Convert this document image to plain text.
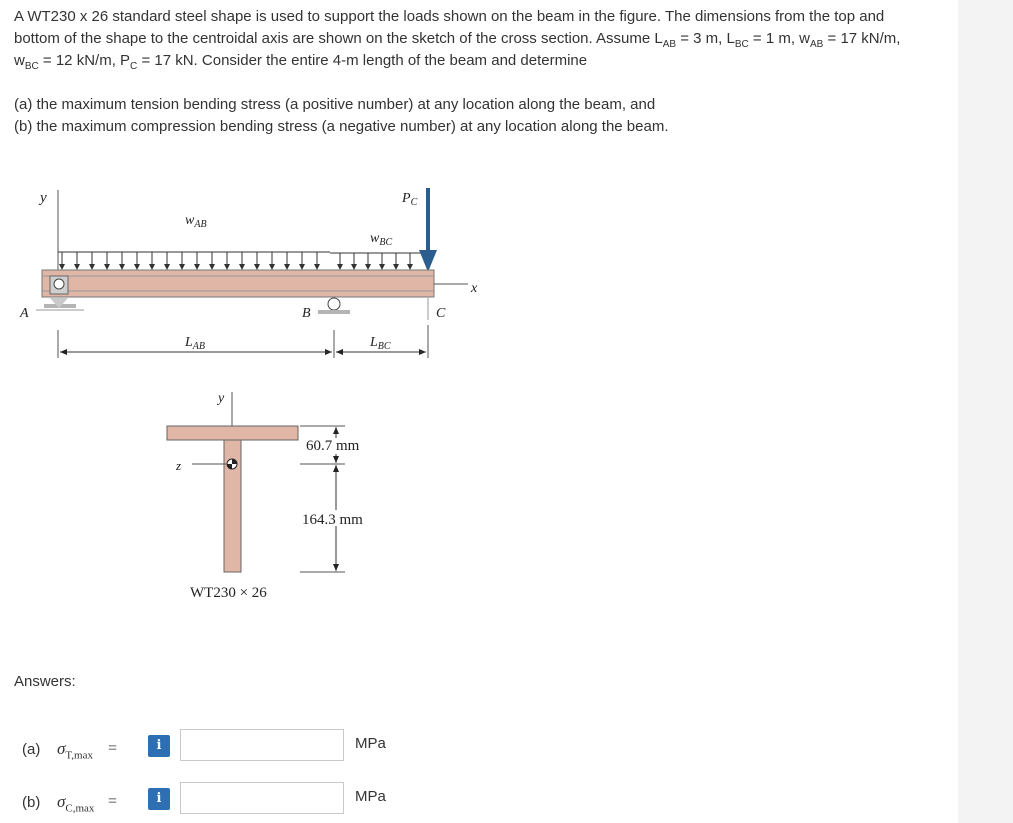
A WT230 x 26 standard steel shape is used to support the loads shown on the beam in the figure. The dimensions from the top and

bottom of the shape to the centroidal axis are shown on the sketch of the cross section. Assume $L_{AB} = 3$ m, $L_{BC} = 1$ m, $w_{AB} = 17$ kN/m,

$w_{BC} = 12$ kN/m, $P_C = 17$ kN. Consider the entire 4-m length of the beam and determine

(a) the maximum tension bending stress (a positive number) at any location along the beam, and

(b) the maximum compression bending stress (a negative number) at any location along the beam.

y
$w_{AB}$
$w_{BC}$
$P_C$
x
A	B	C
$L_{AB}$	$L_{BC}$
y
z
60.7 mm
164.3 mm
WT230 × 26
Answers:
(a) $\sigma_{T,max}$ =	i	MPa
(b) $\sigma_{C,max}$ =	i	MPa
